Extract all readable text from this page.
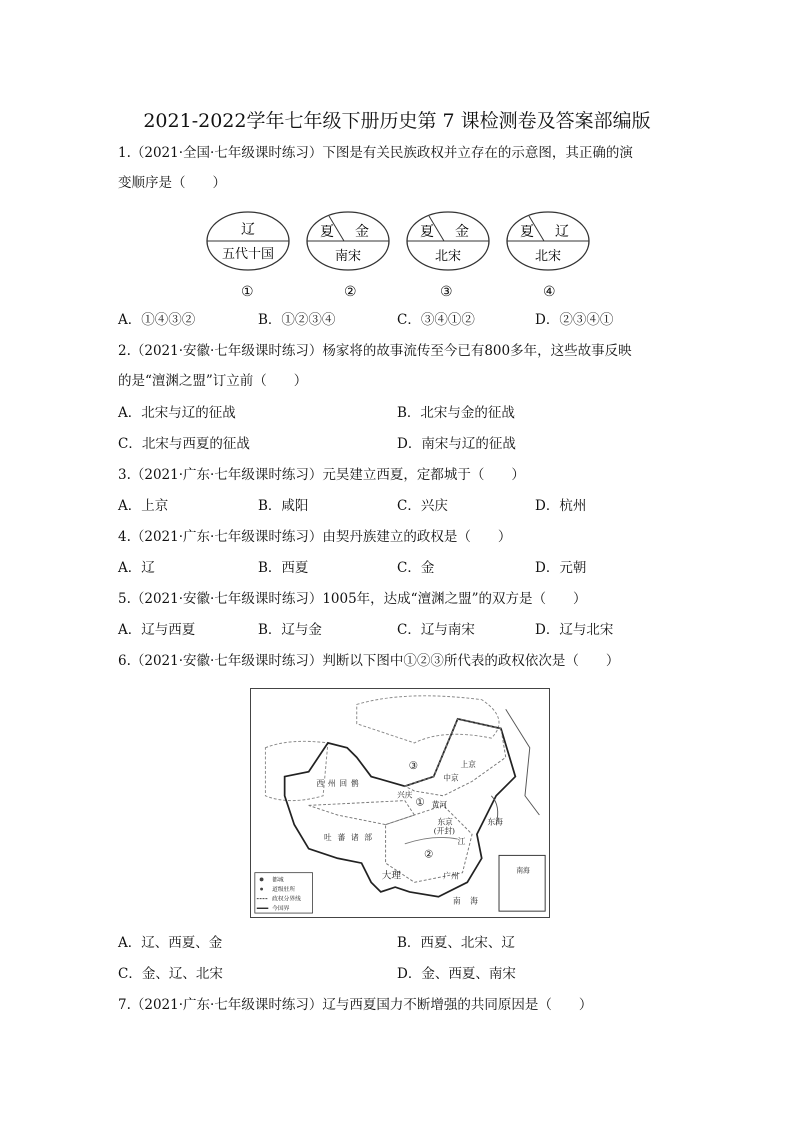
2021-2022学年七年级下册历史第 7 课检测卷及答案部编版
1.（2021·全国·七年级课时练习）下图是有关民族政权并立存在的示意图，其正确的演
变顺序是（　　）
辽
五代十国
夏 金
南宋
夏 金
北宋
夏 辽
北宋
①	②	③	④
A．①④③②	B．①②③④	C．③④①②	D．②③④①
2.（2021·安徽·七年级课时练习）杨家将的故事流传至今已有800多年，这些故事反映
的是“澶渊之盟”订立前（　　）
A．北宋与辽的征战	B．北宋与金的征战
C．北宋与西夏的征战	D．南宋与辽的征战
3.（2021·广东·七年级课时练习）元昊建立西夏，定都城于（　　）
A．上京	B．咸阳	C．兴庆	D．杭州
4.（2021·广东·七年级课时练习）由契丹族建立的政权是（　　）
A．辽	B．西夏	C．金	D．元朝
5.（2021·安徽·七年级课时练习）1005年，达成“澶渊之盟”的双方是（　　）
A．辽与西夏	B．辽与金	C．辽与南宋	D．辽与北宋
6.（2021·安徽·七年级课时练习）判断以下图中①②③所代表的政权依次是（　　）
③
①
②
上京
中京
兴庆
西州回鹘
吐蕃诸部
大理	广州
黄河
东京
(开封)
江
东海
南海
南海
都城
道级驻所
政权分界线
今国界
A．辽、西夏、金	B．西夏、北宋、辽
C．金、辽、北宋	D．金、西夏、南宋
7.（2021·广东·七年级课时练习）辽与西夏国力不断增强的共同原因是（　　）
